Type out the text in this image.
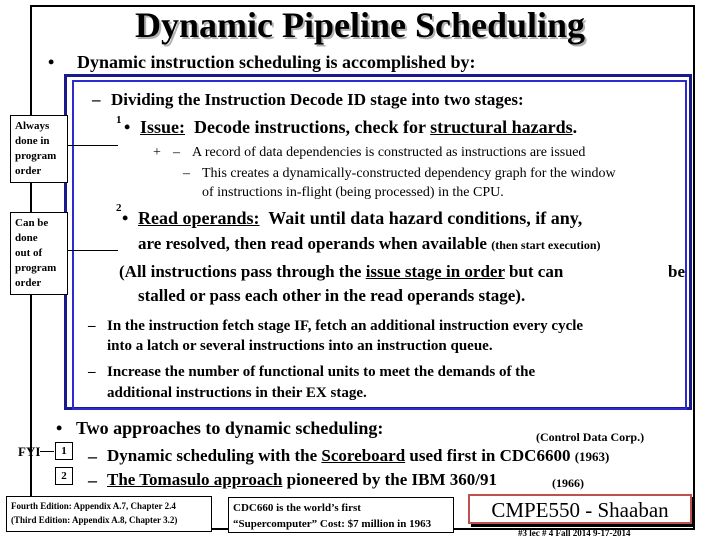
Dynamic Pipeline Scheduling
• Dynamic instruction scheduling is accomplished by:
– Dividing the Instruction Decode ID stage into two stages:
Always
done in
program
order
1 • Issue: Decode instructions, check for structural hazards.
+ – A record of data dependencies is constructed as instructions are issued
– This creates a dynamically-constructed dependency graph for the window
of instructions in-flight (being processed) in the CPU.
Can be
done
out of
program
order
2 • Read operands: Wait until data hazard conditions, if any,
are resolved, then read operands when available (then start execution)
(All instructions pass through the issue stage in order but can	be
stalled or pass each other in the read operands stage).
– In the instruction fetch stage IF, fetch an additional instruction every cycle
into a latch or several instructions into an instruction queue.
– Increase the number of functional units to meet the demands of the
additional instructions in their EX stage.
• Two approaches to dynamic scheduling:	(Control Data Corp.)
FYI	1	– Dynamic scheduling with the Scoreboard used first in CDC6600 (1963)
2	– The Tomasulo approach pioneered by the IBM 360/91	(1966)
Fourth Edition: Appendix A.7, Chapter 2.4
(Third Edition: Appendix A.8, Chapter 3.2)
CDC660 is the world’s first
“Supercomputer” Cost: $7 million in 1963
CMPE550 - Shaaban
#3 lec # 4 Fall 2014 9-17-2014
